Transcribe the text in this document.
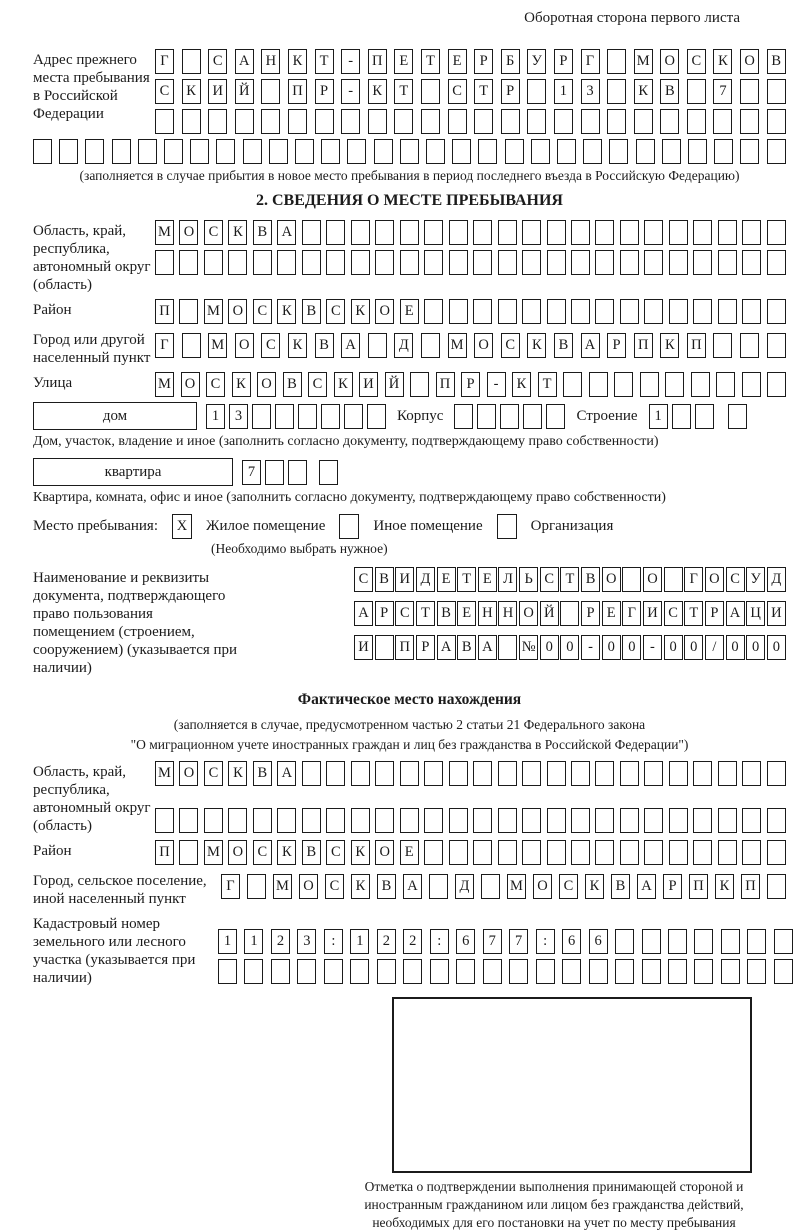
Оборотная сторона первого листа
Адрес прежнего места пребывания в Российской Федерации
Г	С	А Н	К	Т	-	П	Е	Т	Е	Р	Б	У	Р	Г	М О	С	К	О	В
С	К	И Й	П	Р	-	К	Т	С	Т	Р	1	3	К	В	7
(заполняется в случае прибытия в новое место пребывания в период последнего въезда в Российскую Федерацию)
2. СВЕДЕНИЯ О МЕСТЕ ПРЕБЫВАНИЯ
Область, край, республика, автономный округ (область)
М О С	К	В А
Район	П	М О С	К	В	С	К О	Е
Город или другой населенный пункт
Г	М О	С	К	В	А	Д	М О	С	К	В	А	Р	П	К	П
Улица	М О	С	К	О	В	С	К	И Й	П	Р	-	К	Т
дом	1	3	Корпус	Строение	1
Дом, участок, владение и иное (заполнить согласно документу, подтверждающему право собственности)
квартира	7
Квартира, комната, офис и иное (заполнить согласно документу, подтверждающему право собственности)
Место пребывания:	X	Жилое помещение	Иное помещение	Организация
(Необходимо выбрать нужное)
Наименование и реквизиты документа, подтверждающего право пользования помещением (строением, сооружением) (указывается при наличии)
С В И Д Е Т Е Л Ь С Т В О О	Г О С У Д
А Р С Т В Е Н Н О Й	Р Е Г И С Т Р А Ц И
И П Р А В А № 0 0	-	0 0	-	0 0	/	0 0 0
Фактическое место нахождения
(заполняется в случае, предусмотренном частью 2 статьи 21 Федерального закона
"О миграционном учете иностранных граждан и лиц без гражданства в Российской Федерации")
Область, край, республика, автономный округ (область)
М О С	К	В А
Район	П	М О С	К	В	С	К О	Е
Город, сельское поселение, иной населенный пункт
Г	М О	С	К	В	А	Д	М О	С	К	В	А	Р	П	К	П
Кадастровый номер земельного или лесного участка (указывается при наличии)
1	1	2	3	:	1	2	2	:	6	7	7	:	6	6
Отметка о подтверждении выполнения принимающей стороной и иностранным гражданином или лицом без гражданства действий, необходимых для его постановки на учет по месту пребывания
